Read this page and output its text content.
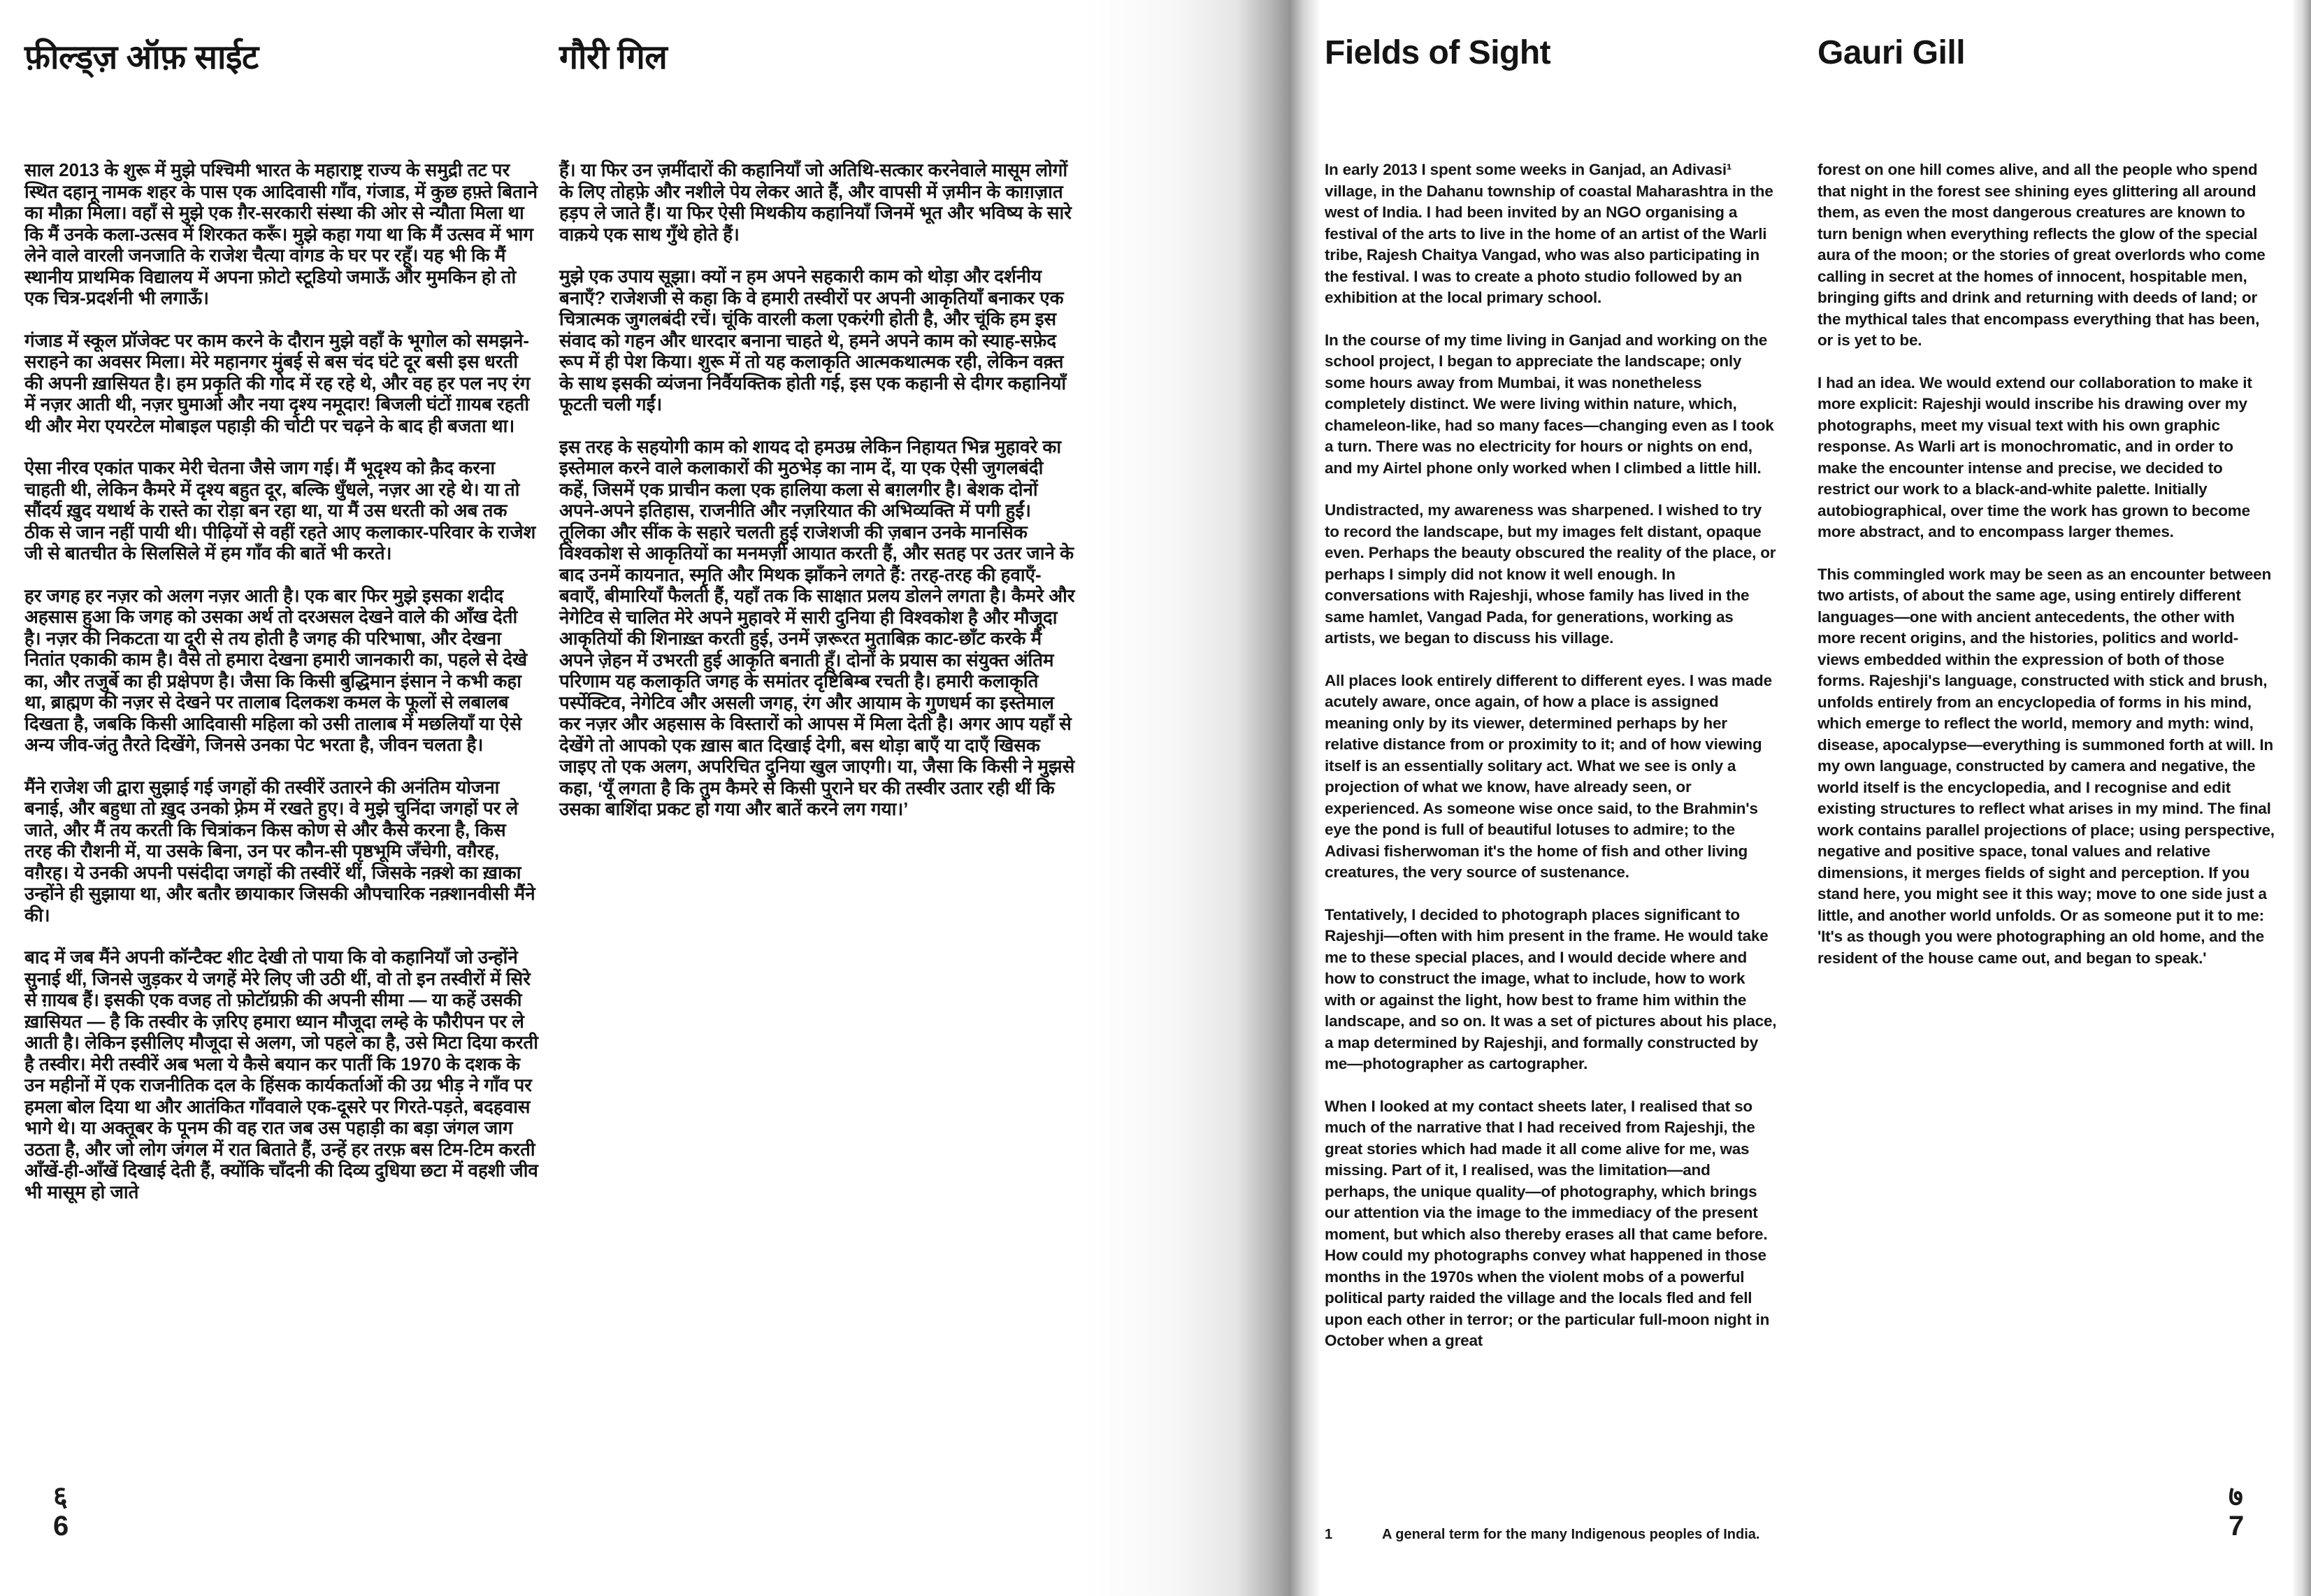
फ़ील्ड्ज़ ऑफ़ साईट	गौरी गिल

साल 2013 के शुरू में मुझे पश्चिमी भारत के महाराष्ट्र राज्य के समुद्री तट पर स्थित दहानू नामक शहर के पास एक आदिवासी गाँव, गंजाड, में कुछ हफ़्ते बिताने का मौक़ा मिला। वहाँ से मुझे एक ग़ैर-सरकारी संस्था की ओर से न्यौता मिला था कि मैं उनके कला-उत्सव में शिरकत करूँ। मुझे कहा गया था कि मैं उत्सव में भाग लेने वाले वारली जनजाति के राजेश चैत्या वांगड के घर पर रहूँ। यह भी कि मैं स्थानीय प्राथमिक विद्यालय में अपना फ़ोटो स्टूडियो जमाऊँ और मुमकिन हो तो एक चित्र-प्रदर्शनी भी लगाऊँ।

गंजाड में स्कूल प्रॉजेक्ट पर काम करने के दौरान मुझे वहाँ के भूगोल को समझने-सराहने का अवसर मिला। मेरे महानगर मुंबई से बस चंद घंटे दूर बसी इस धरती की अपनी ख़ासियत है। हम प्रकृति की गोद में रह रहे थे, और वह हर पल नए रंग में नज़र आती थी, नज़र घुमाओ और नया दृश्य नमूदार! बिजली घंटों ग़ायब रहती थी और मेरा एयरटेल मोबाइल पहाड़ी की चोटी पर चढ़ने के बाद ही बजता था।

ऐसा नीरव एकांत पाकर मेरी चेतना जैसे जाग गई। मैं भूदृश्य को क़ैद करना चाहती थी, लेकिन कैमरे में दृश्य बहुत दूर, बल्कि धुँधले, नज़र आ रहे थे। या तो सौंदर्य ख़ुद यथार्थ के रास्ते का रोड़ा बन रहा था, या मैं उस धरती को अब तक ठीक से जान नहीं पायी थी। पीढ़ियों से वहीं रहते आए कलाकार-परिवार के राजेश जी से बातचीत के सिलसिले में हम गाँव की बातें भी करते।

हर जगह हर नज़र को अलग नज़र आती है। एक बार फिर मुझे इसका शदीद अहसास हुआ कि जगह को उसका अर्थ तो दरअसल देखने वाले की आँख देती है। नज़र की निकटता या दूरी से तय होती है जगह की परिभाषा, और देखना नितांत एकाकी काम है। वैसे तो हमारा देखना हमारी जानकारी का, पहले से देखे का, और तजुर्बे का ही प्रक्षेपण है। जैसा कि किसी बुद्धिमान इंसान ने कभी कहा था, ब्राह्मण की नज़र से देखने पर तालाब दिलकश कमल के फूलों से लबालब दिखता है, जबकि किसी आदिवासी महिला को उसी तालाब में मछलियाँ या ऐसे अन्य जीव-जंतु तैरते दिखेंगे, जिनसे उनका पेट भरता है, जीवन चलता है।

मैंने राजेश जी द्वारा सुझाई गई जगहों की तस्वीरें उतारने की अनंतिम योजना बनाई, और बहुधा तो ख़ुद उनको फ़्रेम में रखते हुए। वे मुझे चुनिंदा जगहों पर ले जाते, और मैं तय करती कि चित्रांकन किस कोण से और कैसे करना है, किस तरह की रौशनी में, या उसके बिना, उन पर कौन-सी पृष्ठभूमि जँचेगी, वग़ैरह, वग़ैरह। ये उनकी अपनी पसंदीदा जगहों की तस्वीरें थीं, जिसके नक़्शे का ख़ाका उन्होंने ही सुझाया था, और बतौर छायाकार जिसकी औपचारिक नक़्शानवीसी मैंने की।

बाद में जब मैंने अपनी कॉन्टैक्ट शीट देखी तो पाया कि वो कहानियाँ जो उन्होंने सुनाई थीं, जिनसे जुड़कर ये जगहें मेरे लिए जी उठी थीं, वो तो इन तस्वीरों में सिरे से ग़ायब हैं। इसकी एक वजह तो फ़ोटॉग्रफ़ी की अपनी सीमा — या कहें उसकी ख़ासियत — है कि तस्वीर के ज़रिए हमारा ध्यान मौजूदा लम्हे के फौरीपन पर ले आती है। लेकिन इसीलिए मौजूदा से अलग, जो पहले का है, उसे मिटा दिया करती है तस्वीर। मेरी तस्वीरें अब भला ये कैसे बयान कर पातीं कि 1970 के दशक के उन महीनों में एक राजनीतिक दल के हिंसक कार्यकर्ताओं की उग्र भीड़ ने गाँव पर हमला बोल दिया था और आतंकित गाँववाले एक-दूसरे पर गिरते-पड़ते, बदहवास भागे थे। या अक्तूबर के पूनम की वह रात जब उस पहाड़ी का बड़ा जंगल जाग उठता है, और जो लोग जंगल में रात बिताते हैं, उन्हें हर तरफ़ बस टिम-टिम करती आँखें-ही-आँखें दिखाई देती हैं, क्योंकि चाँदनी की दिव्य दुधिया छटा में वहशी जीव भी मासूम हो जाते

हैं। या फिर उन ज़मींदारों की कहानियाँ जो अतिथि-सत्कार करनेवाले मासूम लोगों के लिए तोहफ़े और नशीले पेय लेकर आते हैं, और वापसी में ज़मीन के काग़ज़ात हड़प ले जाते हैं। या फिर ऐसी मिथकीय कहानियाँ जिनमें भूत और भविष्य के सारे वाक़ये एक साथ गुँथे होते हैं।

मुझे एक उपाय सूझा। क्यों न हम अपने सहकारी काम को थोड़ा और दर्शनीय बनाएँ? राजेशजी से कहा कि वे हमारी तस्वीरों पर अपनी आकृतियाँ बनाकर एक चित्रात्मक जुगलबंदी रचें। चूंकि वारली कला एकरंगी होती है, और चूंकि हम इस संवाद को गहन और धारदार बनाना चाहते थे, हमने अपने काम को स्याह-सफ़ेद रूप में ही पेश किया। शुरू में तो यह कलाकृति आत्मकथात्मक रही, लेकिन वक़्त के साथ इसकी व्यंजना निर्वैयक्तिक होती गई, इस एक कहानी से दीगर कहानियाँ फूटती चली गईं।

इस तरह के सहयोगी काम को शायद दो हमउम्र लेकिन निहायत भिन्न मुहावरे का इस्तेमाल करने वाले कलाकारों की मुठभेड़ का नाम दें, या एक ऐसी जुगलबंदी कहें, जिसमें एक प्राचीन कला एक हालिया कला से बग़लगीर है। बेशक दोनों अपने-अपने इतिहास, राजनीति और नज़रियात की अभिव्यक्ति में पगी हुईं। तूलिका और सींक के सहारे चलती हुई राजेशजी की ज़बान उनके मानसिक विश्वकोश से आकृतियों का मनमर्ज़ी आयात करती हैं, और सतह पर उतर जाने के बाद उनमें कायनात, स्मृति और मिथक झाँकने लगते हैं: तरह-तरह की हवाएँ- बवाएँ, बीमारियाँ फैलती हैं, यहाँ तक कि साक्षात प्रलय डोलने लगता है। कैमरे और नेगेटिव से चालित मेरे अपने मुहावरे में सारी दुनिया ही विश्वकोश है और मौजूदा आकृतियों की शिनाख़्त करती हुई, उनमें ज़रूरत मुताबिक़ काट-छाँट करके मैं अपने ज़ेहन में उभरती हुई आकृति बनाती हूँ। दोनों के प्रयास का संयुक्त अंतिम परिणाम यह कलाकृति जगह के समांतर दृष्टिबिम्ब रचती है। हमारी कलाकृति पर्स्पेक्टिव, नेगेटिव और असली जगह, रंग और आयाम के गुणधर्म का इस्तेमाल कर नज़र और अहसास के विस्तारों को आपस में मिला देती है। अगर आप यहाँ से देखेंगे तो आपको एक ख़ास बात दिखाई देगी, बस थोड़ा बाएँ या दाएँ खिसक जाइए तो एक अलग, अपरिचित दुनिया खुल जाएगी। या, जैसा कि किसी ने मुझसे कहा, ‘यूँ लगता है कि तुम कैमरे से किसी पुराने घर की तस्वीर उतार रही थीं कि उसका बाशिंदा प्रकट हो गया और बातें करने लग गया।’

६
6
Fields of Sight	Gauri Gill

In early 2013 I spent some weeks in Ganjad, an Adivasi¹ village, in the Dahanu township of coastal Maharashtra in the west of India. I had been invited by an NGO organising a festival of the arts to live in the home of an artist of the Warli tribe, Rajesh Chaitya Vangad, who was also participating in the festival. I was to create a photo studio followed by an exhibition at the local primary school.

In the course of my time living in Ganjad and working on the school project, I began to appreciate the landscape; only some hours away from Mumbai, it was nonetheless completely distinct. We were living within nature, which, chameleon-like, had so many faces—changing even as I took a turn. There was no electricity for hours or nights on end, and my Airtel phone only worked when I climbed a little hill.

Undistracted, my awareness was sharpened. I wished to try to record the landscape, but my images felt distant, opaque even. Perhaps the beauty obscured the reality of the place, or perhaps I simply did not know it well enough. In conversations with Rajeshji, whose family has lived in the same hamlet, Vangad Pada, for generations, working as artists, we began to discuss his village.

All places look entirely different to different eyes. I was made acutely aware, once again, of how a place is assigned meaning only by its viewer, determined perhaps by her relative distance from or proximity to it; and of how viewing itself is an essentially solitary act. What we see is only a projection of what we know, have already seen, or experienced. As someone wise once said, to the Brahmin's eye the pond is full of beautiful lotuses to admire; to the Adivasi fisherwoman it's the home of fish and other living creatures, the very source of sustenance.

Tentatively, I decided to photograph places significant to Rajeshji—often with him present in the frame. He would take me to these special places, and I would decide where and how to construct the image, what to include, how to work with or against the light, how best to frame him within the landscape, and so on. It was a set of pictures about his place, a map determined by Rajeshji, and formally constructed by me—photographer as cartographer.

When I looked at my contact sheets later, I realised that so much of the narrative that I had received from Rajeshji, the great stories which had made it all come alive for me, was missing. Part of it, I realised, was the limitation—and perhaps, the unique quality—of photography, which brings our attention via the image to the immediacy of the present moment, but which also thereby erases all that came before. How could my photographs convey what happened in those months in the 1970s when the violent mobs of a powerful political party raided the village and the locals fled and fell upon each other in terror; or the particular full-moon night in October when a great

forest on one hill comes alive, and all the people who spend that night in the forest see shining eyes glittering all around them, as even the most dangerous creatures are known to turn benign when everything reflects the glow of the special aura of the moon; or the stories of great overlords who come calling in secret at the homes of innocent, hospitable men, bringing gifts and drink and returning with deeds of land; or the mythical tales that encompass everything that has been, or is yet to be.

I had an idea. We would extend our collaboration to make it more explicit: Rajeshji would inscribe his drawing over my photographs, meet my visual text with his own graphic response. As Warli art is monochromatic, and in order to make the encounter intense and precise, we decided to restrict our work to a black-and-white palette. Initially autobiographical, over time the work has grown to become more abstract, and to encompass larger themes.

This commingled work may be seen as an encounter between two artists, of about the same age, using entirely different languages—one with ancient antecedents, the other with more recent origins, and the histories, politics and world-views embedded within the expression of both of those forms. Rajeshji's language, constructed with stick and brush, unfolds entirely from an encyclopedia of forms in his mind, which emerge to reflect the world, memory and myth: wind, disease, apocalypse—everything is summoned forth at will. In my own language, constructed by camera and negative, the world itself is the encyclopedia, and I recognise and edit existing structures to reflect what arises in my mind. The final work contains parallel projections of place; using perspective, negative and positive space, tonal values and relative dimensions, it merges fields of sight and perception. If you stand here, you might see it this way; move to one side just a little, and another world unfolds. Or as someone put it to me: 'It's as though you were photographing an old home, and the resident of the house came out, and began to speak.'

1	A general term for the many Indigenous peoples of India.
७
7
